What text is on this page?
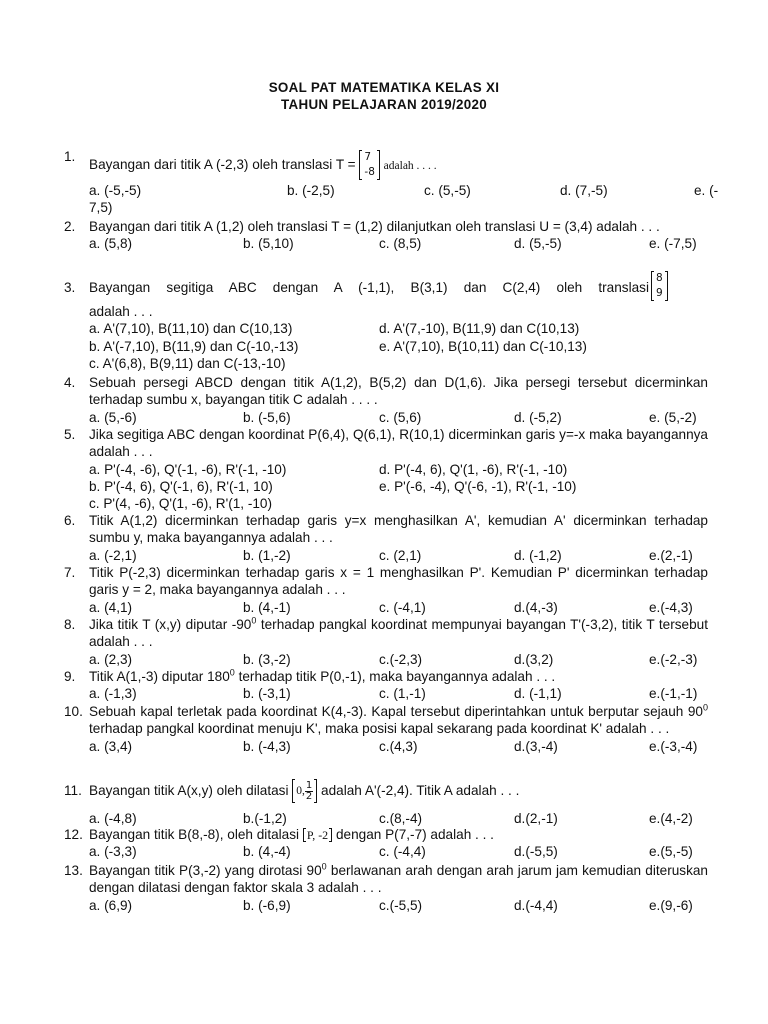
SOAL PAT MATEMATIKA KELAS XI
TAHUN PELAJARAN 2019/2020
1.
Bayangan dari titik A (-2,3) oleh translasi T = 7
-8 adalah . . . .
a. (-5,-5)	b. (-2,5)	c. (5,-5)	d. (7,-5)	e. (-
7,5)
2. Bayangan dari titik A (1,2) oleh translasi T = (1,2) dilanjutkan oleh translasi U = (3,4) adalah . . .
a. (5,8)	b. (5,10)	c. (8,5)	d. (5,-5)	e. (-7,5)
3. Bayangan segitiga ABC dengan A (-1,1), B(3,1) dan C(2,4) oleh translasi
8
9
adalah . . .
a. A'(7,10), B(11,10) dan C(10,13)	d. A'(7,-10), B(11,9) dan C(10,13)
b. A'(-7,10), B(11,9) dan C(-10,-13)	e. A'(7,10), B(10,11) dan C(-10,13)
c. A'(6,8), B(9,11) dan C(-13,-10)
4. Sebuah persegi ABCD dengan titik A(1,2), B(5,2) dan D(1,6). Jika persegi tersebut dicerminkan terhadap sumbu x, bayangan titik C adalah . . . .
a. (5,-6)	b. (-5,6)	c. (5,6)	d. (-5,2)	e. (5,-2)
5. Jika segitiga ABC dengan koordinat P(6,4), Q(6,1), R(10,1) dicerminkan garis y=-x maka bayangannya adalah . . .
a. P'(-4, -6), Q'(-1, -6), R'(-1, -10)	d. P'(-4, 6), Q'(1, -6), R'(-1, -10)
b. P'(-4, 6), Q'(-1, 6), R'(-1, 10)	e. P'(-6, -4), Q'(-6, -1), R'(-1, -10)
c. P'(4, -6), Q'(1, -6), R'(1, -10)
6. Titik A(1,2) dicerminkan terhadap garis y=x menghasilkan A', kemudian A' dicerminkan terhadap sumbu y, maka bayangannya adalah . . .
a. (-2,1)	b. (1,-2)	c. (2,1)	d. (-1,2)	e.(2,-1)
7. Titik P(-2,3) dicerminkan terhadap garis x = 1 menghasilkan P'. Kemudian P' dicerminkan terhadap garis y = 2, maka bayangannya adalah . . .
a. (4,1)	b. (4,-1)	c. (-4,1)	d.(4,-3)	e.(-4,3)
8. Jika titik T (x,y) diputar $-90^0$ terhadap pangkal koordinat mempunyai bayangan T'(-3,2), titik T tersebut adalah . . .
a. (2,3)	b. (3,-2)	c.(-2,3)	d.(3,2)	e.(-2,-3)
9. Titik A(1,-3) diputar $180^0$ terhadap titik P(0,-1), maka bayangannya adalah . . .
a. (-1,3)	b. (-3,1)	c. (1,-1)	d. (-1,1)	e.(-1,-1)
10. Sebuah kapal terletak pada koordinat K(4,-3). Kapal tersebut diperintahkan untuk berputar sejauh $90^0$ terhadap pangkal koordinat menuju K', maka posisi kapal sekarang pada koordinat K' adalah . . .
a. (3,4)	b. (-4,3)	c.(4,3)	d.(3,-4)	e.(-3,-4)
11. Bayangan titik A(x,y) oleh dilatasi 0, $\frac{1}{2}$ adalah A'(-2,4). Titik A adalah . . .
a. (-4,8)	b.(-1,2)	c.(8,-4)	d.(2,-1)	e.(4,-2)
12. Bayangan titik B(8,-8), oleh ditalasi P, -2 dengan P(7,-7) adalah . . .
a. (-3,3)	b. (4,-4)	c. (-4,4)	d.(-5,5)	e.(5,-5)
13. Bayangan titik P(3,-2) yang dirotasi $90^0$ berlawanan arah dengan arah jarum jam kemudian diteruskan dengan dilatasi dengan faktor skala 3 adalah . . .
a. (6,9)	b. (-6,9)	c.(-5,5)	d.(-4,4)	e.(9,-6)
